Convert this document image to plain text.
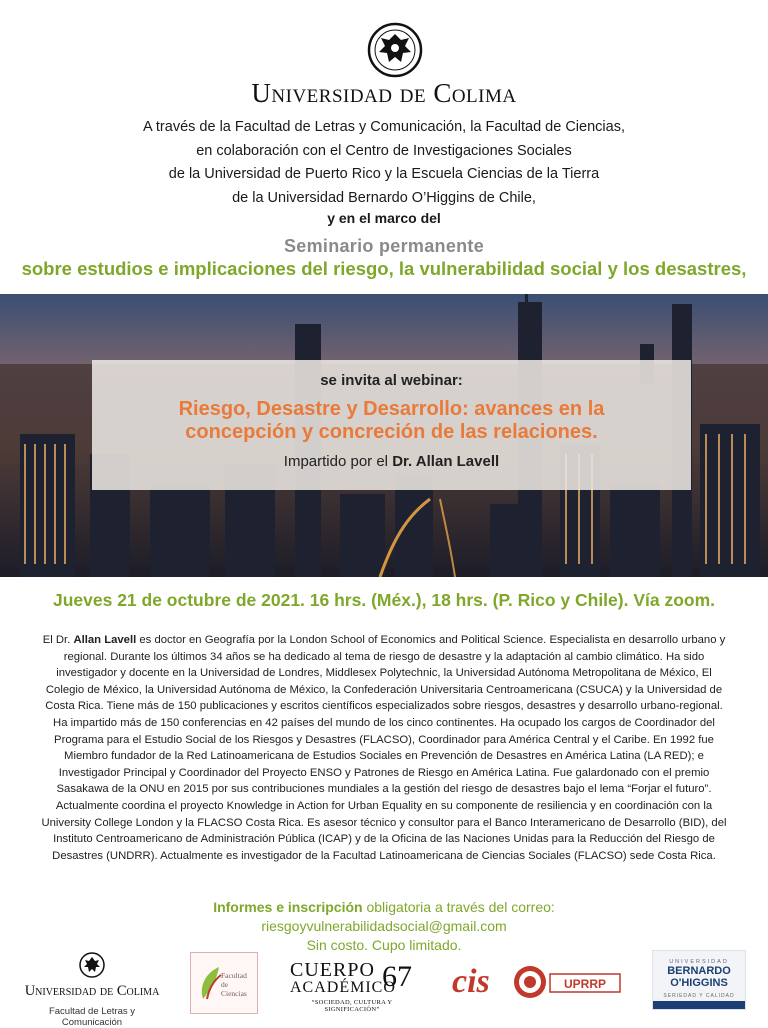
Universidad de Colima
A través de la Facultad de Letras y Comunicación, la Facultad de Ciencias,
en colaboración con el Centro de Investigaciones Sociales
de la Universidad de Puerto Rico y la Escuela Ciencias de la Tierra
de la Universidad Bernardo O’Higgins de Chile,
y en el marco del
Seminario permanente
sobre estudios e implicaciones del riesgo, la vulnerabilidad social y los desastres,
se invita al webinar:
Riesgo, Desastre y Desarrollo: avances en la
concepción y concreción de las relaciones.
Impartido por el Dr. Allan Lavell
Jueves 21 de octubre de 2021. 16 hrs. (Méx.), 18 hrs. (P. Rico y Chile). Vía zoom.
El Dr. Allan Lavell es doctor en Geografía por la London School of Economics and Political Science. Especialista en desarrollo urbano y regional. Durante los últimos 34 años se ha dedicado al tema de riesgo de desastre y la adaptación al cambio climático. Ha sido investigador y docente en la Universidad de Londres, Middlesex Polytechnic, la Universidad Autónoma Metropolitana de México, El Colegio de México, la Universidad Autónoma de México, la Confederación Universitaria Centroamericana (CSUCA) y la Universidad de Costa Rica. Tiene más de 150 publicaciones y escritos científicos especializados sobre riesgos, desastres y desarrollo urbano-regional. Ha impartido más de 150 conferencias en 42 países del mundo de los cinco continentes. Ha ocupado los cargos de Coordinador del Programa para el Estudio Social de los Riesgos y Desastres (FLACSO), Coordinador para América Central y el Caribe. En 1992 fue Miembro fundador de la Red Latinoamericana de Estudios Sociales en Prevención de Desastres en América Latina (LA RED); e Investigador Principal y Coordinador del Proyecto ENSO y Patrones de Riesgo en América Latina. Fue galardonado con el premio Sasakawa de la ONU en 2015 por sus contribuciones mundiales a la gestión del riesgo de desastres bajo el lema “Forjar el futuro”. Actualmente coordina el proyecto Knowledge in Action for Urban Equality en su componente de resiliencia y en coordinación con la University College London y la FLACSO Costa Rica. Es asesor técnico y consultor para el Banco Interamericano de Desarrollo (BID), del Instituto Centroamericano de Administración Pública (ICAP) y de la Oficina de las Naciones Unidas para la Reducción del Riesgo de Desastres (UNDRR). Actualmente es investigador de la Facultad Latinoamericana de Ciencias Sociales (FLACSO) sede Costa Rica.
Informes e inscripción obligatoria a través del correo:
riesgoyvulnerabilidadsocial@gmail.com
Sin costo. Cupo limitado.
Universidad de Colima
Facultad de Letras y Comunicación
Facultad
de
Ciencias
CUERPO
ACADÉMICO
67
“SOCIEDAD, CULTURA Y SIGNIFICACIÓN”
cis	UPRRP
UNIVERSIDAD
BERNARDO
O'HIGGINS
SERIEDAD Y CALIDAD
